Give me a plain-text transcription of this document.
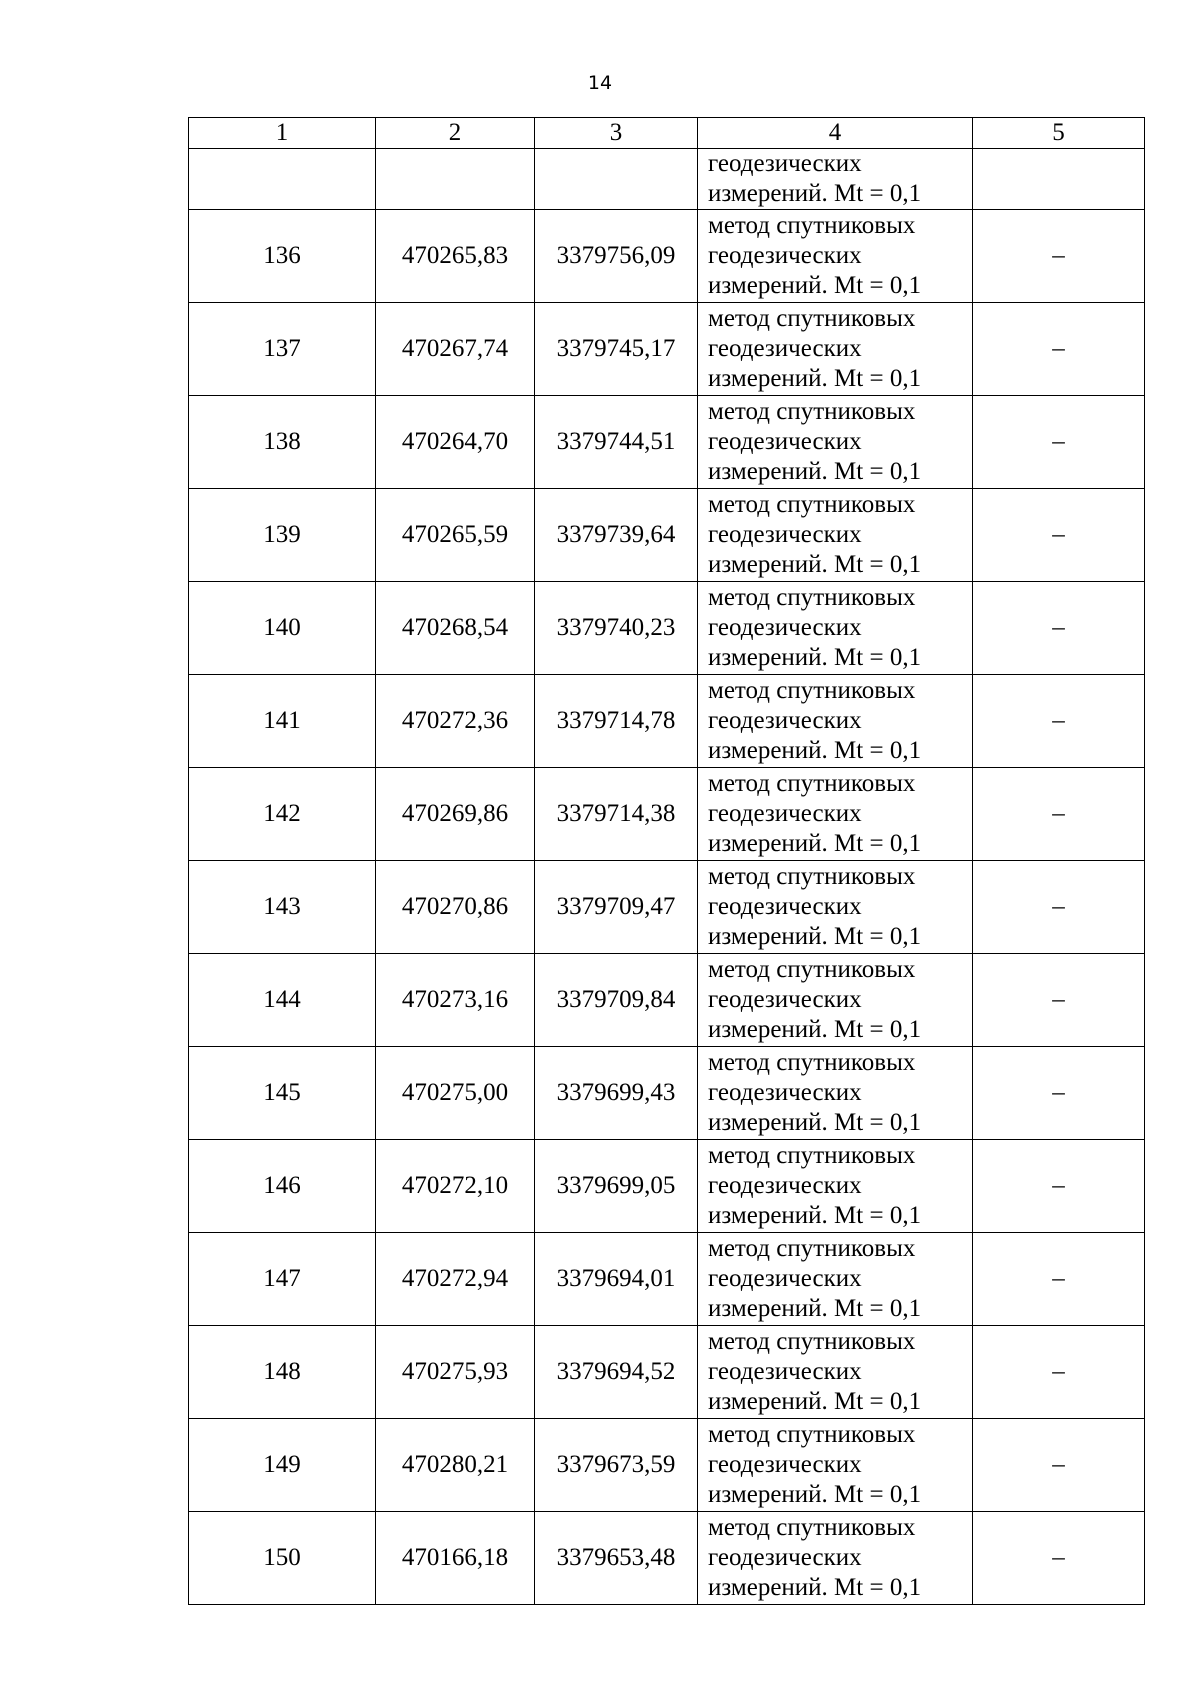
14
1	2	3	4	5
			геодезических
измерений. Mt = 0,1	
136	470265,83	3379756,09	метод спутниковых
геодезических
измерений. Mt = 0,1	–
137	470267,74	3379745,17	метод спутниковых
геодезических
измерений. Mt = 0,1	–
138	470264,70	3379744,51	метод спутниковых
геодезических
измерений. Mt = 0,1	–
139	470265,59	3379739,64	метод спутниковых
геодезических
измерений. Mt = 0,1	–
140	470268,54	3379740,23	метод спутниковых
геодезических
измерений. Mt = 0,1	–
141	470272,36	3379714,78	метод спутниковых
геодезических
измерений. Mt = 0,1	–
142	470269,86	3379714,38	метод спутниковых
геодезических
измерений. Mt = 0,1	–
143	470270,86	3379709,47	метод спутниковых
геодезических
измерений. Mt = 0,1	–
144	470273,16	3379709,84	метод спутниковых
геодезических
измерений. Mt = 0,1	–
145	470275,00	3379699,43	метод спутниковых
геодезических
измерений. Mt = 0,1	–
146	470272,10	3379699,05	метод спутниковых
геодезических
измерений. Mt = 0,1	–
147	470272,94	3379694,01	метод спутниковых
геодезических
измерений. Mt = 0,1	–
148	470275,93	3379694,52	метод спутниковых
геодезических
измерений. Mt = 0,1	–
149	470280,21	3379673,59	метод спутниковых
геодезических
измерений. Mt = 0,1	–
150	470166,18	3379653,48	метод спутниковых
геодезических
измерений. Mt = 0,1	–
